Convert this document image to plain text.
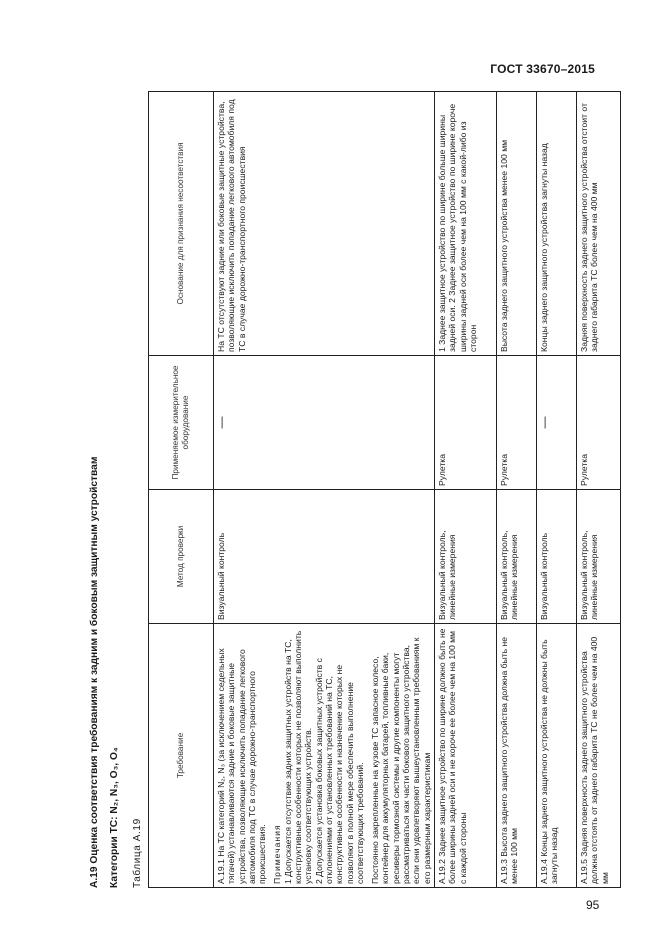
ГОСТ 33670–2015
А.19 Оценка соответствия требованиям к задним и боковым защитным устройствам Категории ТС: N₂, N₃, O₃, O₄ Таблица А.19
Требование	Метод проверки	Применяемое измерительное оборудование	Основание для признания несоответствия

А.19.1 На ТС категорий N₂, N₃ (за исключением седельных тягачей) устанавливаются задние и боковые защитные устройства, позволяющие исключить попадание легкового автомобиля под ТС в случае дорожно-транспортного происшествия. Примечания 1 Допускается отсутствие задних защитных устройств на ТС, конструктивные особенности которых не позволяют выполнить установку соответствующих устройств. 2 Допускается установка боковых защитных устройств с отклонениями от установленных требований на ТС, конструктивные особенности и назначение которых не позволяют в полной мере обеспечить выполнение соответствующих требований. Постоянно закрепленные на кузове ТС запасное колесо, контейнер для аккумуляторных батарей, топливные баки, ресиверы тормозной системы и другие компоненты могут рассматриваться как части бокового защитного устройства, если они удовлетворяют вышеустановленным требованиям к его размерным характеристикам	Визуальный контроль	—	На ТС отсутствуют задние или боковые защитные устройства, позволяющие исключить попадание легкового автомобиля под ТС в случае дорожно-транспортного происшествия
А.19.2 Заднее защитное устройство по ширине должно быть не более ширины задней оси и не короче ее более чем на 100 мм с каждой стороны	Визуальный контроль, линейные измерения	Рулетка	1 Заднее защитное устройство по ширине больше ширины задней оси. 2 Заднее защитное устройство по ширине короче ширины задней оси более чем на 100 мм с какой-либо из сторон
А.19.3 Высота заднего защитного устройства должна быть не менее 100 мм	Визуальный контроль, линейные измерения	Рулетка	Высота заднего защитного устройства менее 100 мм
А.19.4 Концы заднего защитного устройства не должны быть загнуты назад	Визуальный контроль	—	Концы заднего защитного устройства загнуты назад
А.19.5 Задняя поверхность заднего защитного устройства должна отстоять от заднего габарита ТС не более чем на 400 мм	Визуальный контроль, линейные измерения	Рулетка	Задняя поверхность заднего защитного устройства отстоит от заднего габарита ТС более чем на 400 мм
95
